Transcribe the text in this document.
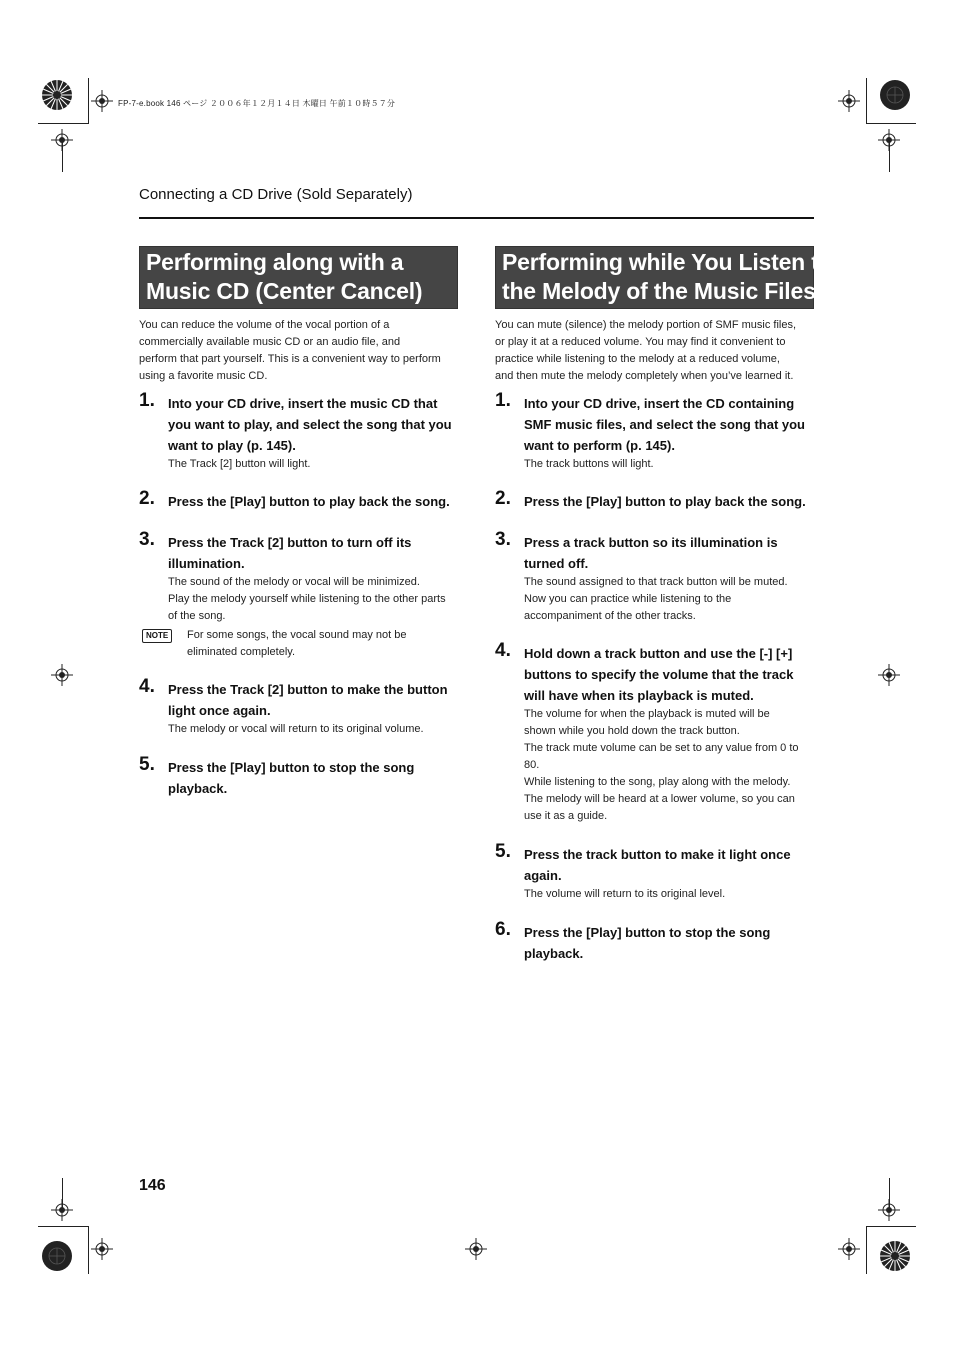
FP-7-e.book 146 ページ ２００６年１２月１４日 木曜日 午前１０時５７分
Connecting a CD Drive (Sold Separately)
Performing along with a
Music CD (Center Cancel)
You can reduce the volume of the vocal portion of a
commercially available music CD or an audio file, and
perform that part yourself. This is a convenient way to perform
using a favorite music CD.
1. Into your CD drive, insert the music CD that
you want to play, and select the song that you
want to play (p. 145).
The Track [2] button will light.
2. Press the [Play] button to play back the song.
3. Press the Track [2] button to turn off its
illumination.
The sound of the melody or vocal will be minimized.
Play the melody yourself while listening to the other parts
of the song.
NOTE	For some songs, the vocal sound may not be
eliminated completely.
4. Press the Track [2] button to make the button
light once again.
The melody or vocal will return to its original volume.
5. Press the [Play] button to stop the song
playback.
Performing while You Listen to
the Melody of the Music Files
You can mute (silence) the melody portion of SMF music files,
or play it at a reduced volume. You may find it convenient to
practice while listening to the melody at a reduced volume,
and then mute the melody completely when you’ve learned it.
1. Into your CD drive, insert the CD containing
SMF music files, and select the song that you
want to perform (p. 145).
The track buttons will light.
2. Press the [Play] button to play back the song.
3. Press a track button so its illumination is
turned off.
The sound assigned to that track button will be muted.
Now you can practice while listening to the
accompaniment of the other tracks.
4. Hold down a track button and use the [-] [+]
buttons to specify the volume that the track
will have when its playback is muted.
The volume for when the playback is muted will be
shown while you hold down the track button.
The track mute volume can be set to any value from 0 to
80.
While listening to the song, play along with the melody.
The melody will be heard at a lower volume, so you can
use it as a guide.
5. Press the track button to make it light once
again.
The volume will return to its original level.
6. Press the [Play] button to stop the song
playback.
146
